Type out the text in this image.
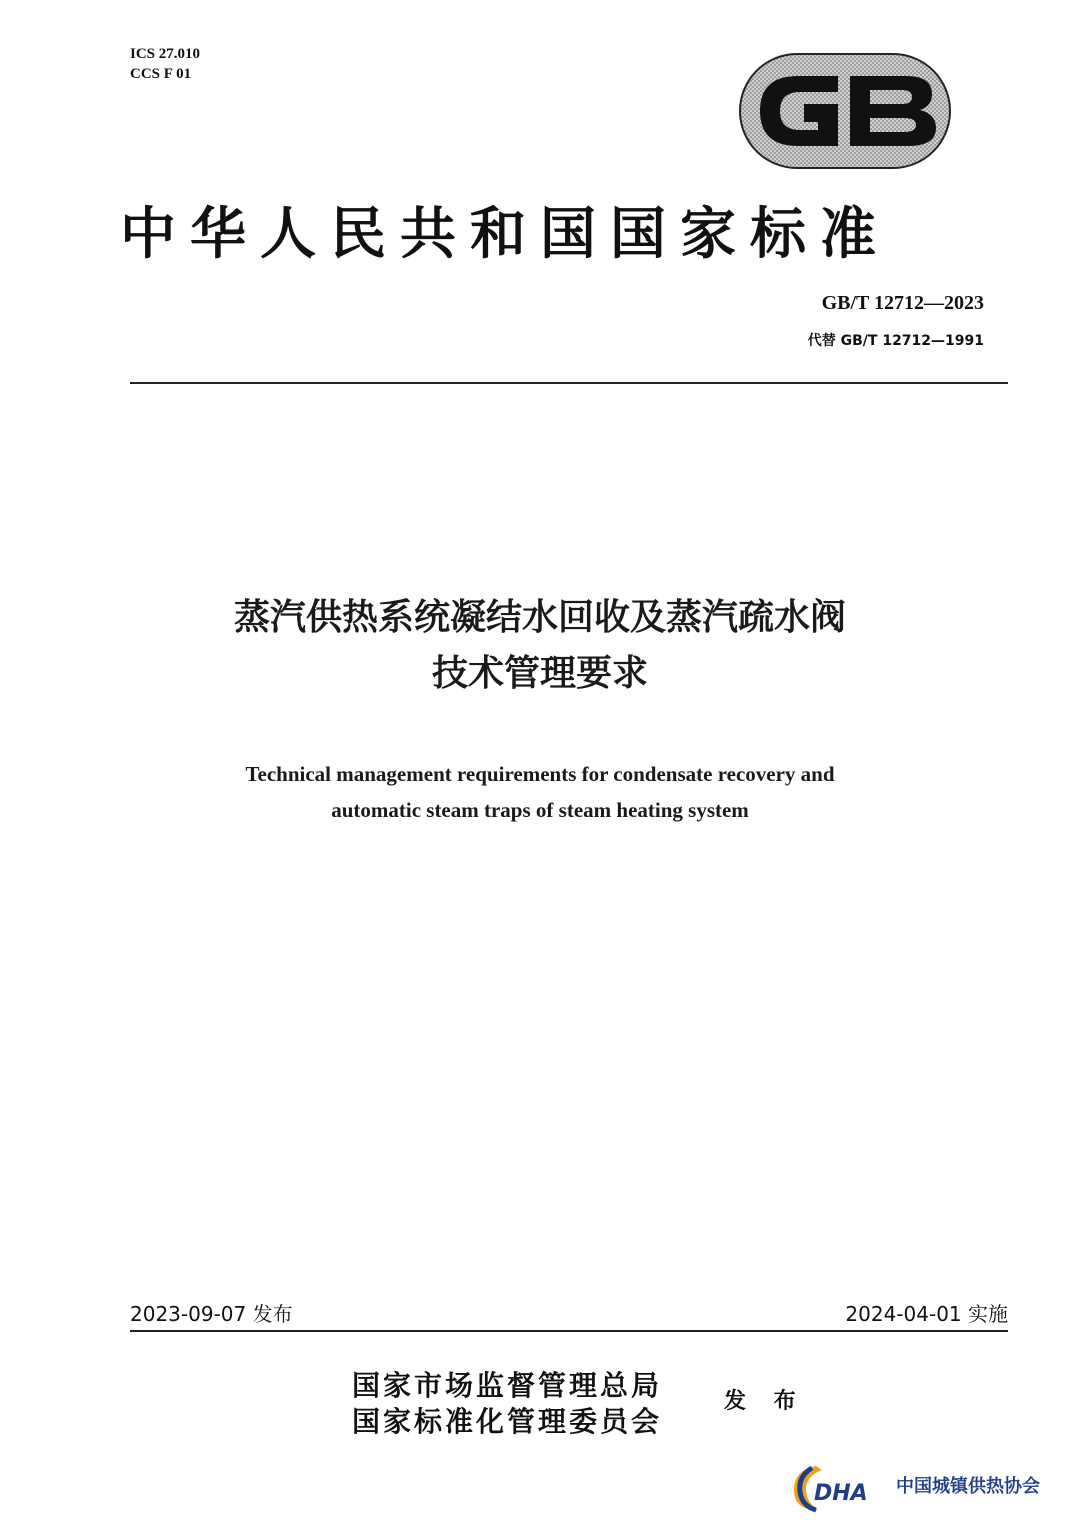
ICS 27.010
CCS F 01
中华人民共和国国家标准
GB/T 12712—2023
代替 GB/T 12712—1991
蒸汽供热系统凝结水回收及蒸汽疏水阀
技术管理要求
Technical management requirements for condensate recovery and
automatic steam traps of steam heating system
2023-09-07 发布	2024-04-01 实施
国家市场监督管理总局
国家标准化管理委员会
发 布
DHA 中国城镇供热协会
